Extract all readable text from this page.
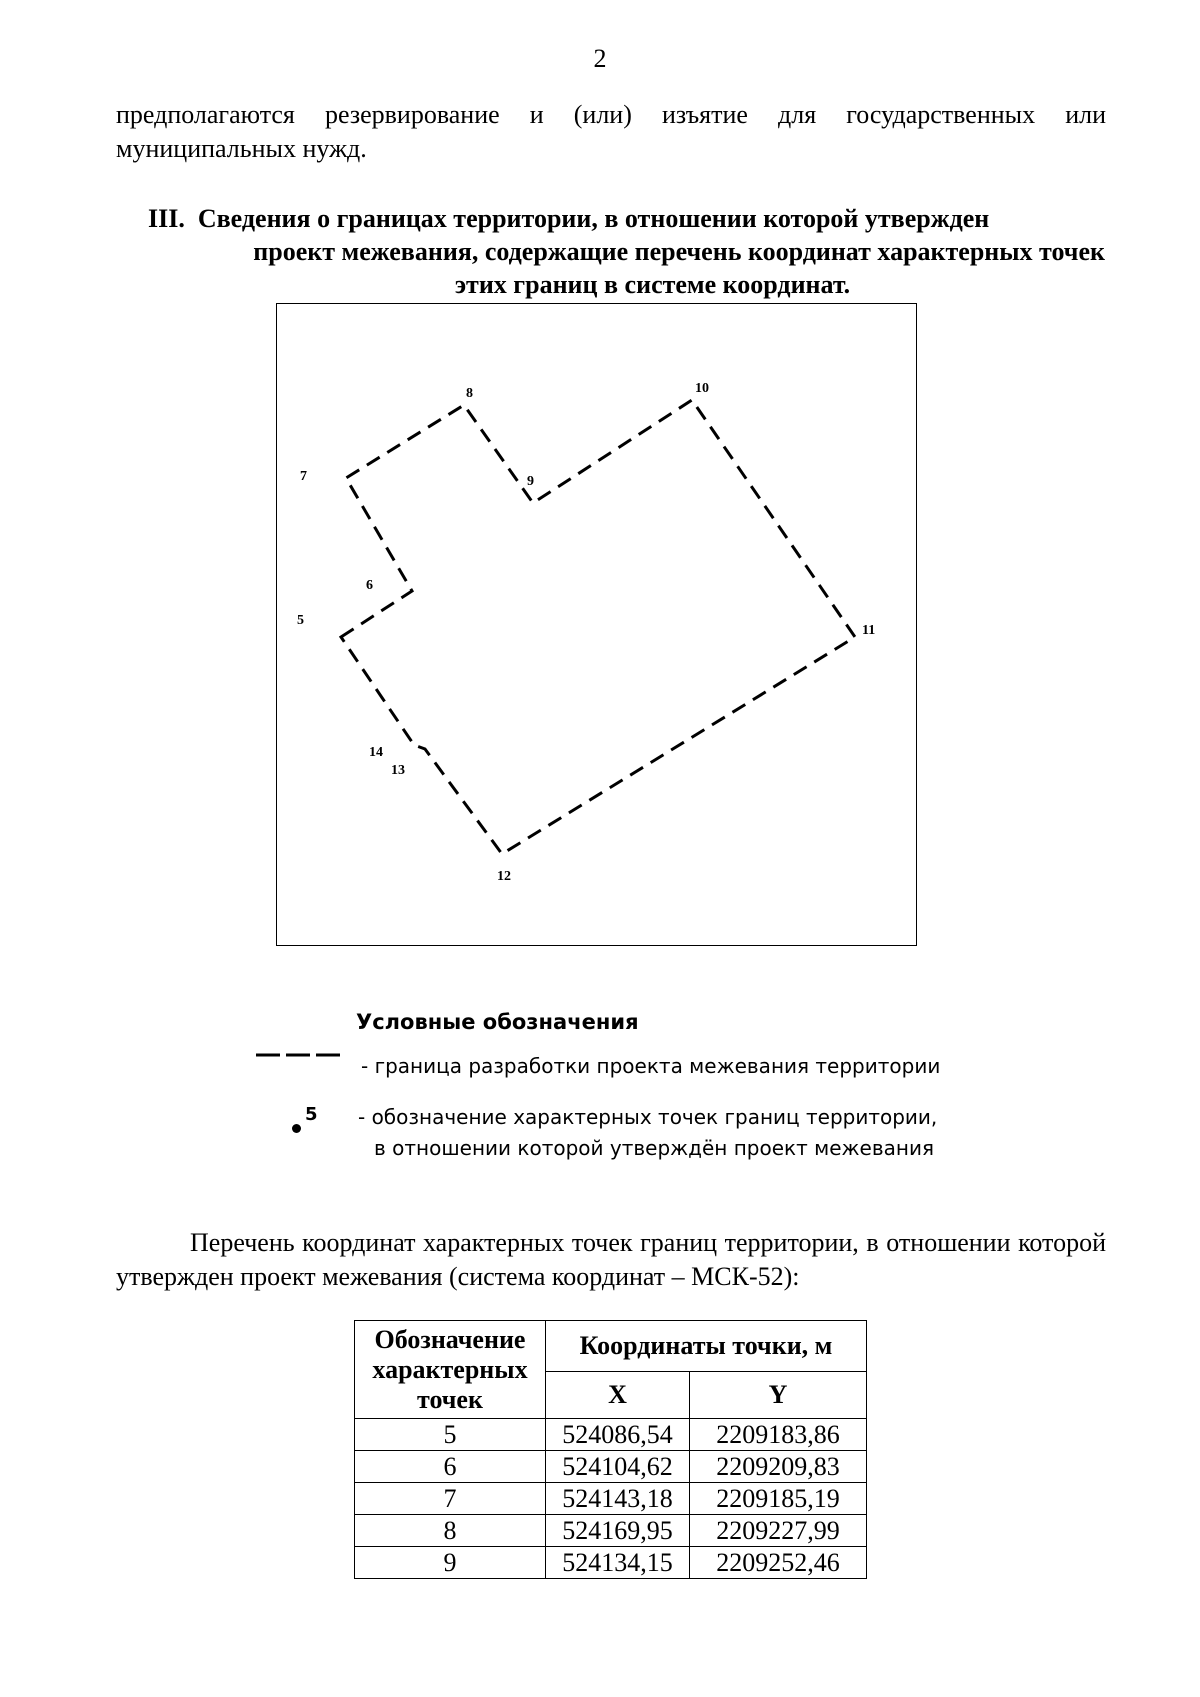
2
предполагаются резервирование и (или) изъятие для государственных или муниципальных нужд.
III. Сведения о границах территории, в отношении которой утвержден
проект межевания, содержащие перечень координат характерных точек
этих границ в системе координат.
5
6
7
8
9
10
11
12
13
14
Условные обозначения
- граница разработки проекта межевания территории
5 - обозначение характерных точек границ территории,
в отношении которой утверждён проект межевания
Перечень координат характерных точек границ территории, в отношении которой утвержден проект межевания (система координат – МСК-52):
Обозначение характерных точек	Координаты точки, м	
	X	Y
5	524086,54	2209183,86
6	524104,62	2209209,83
7	524143,18	2209185,19
8	524169,95	2209227,99
9	524134,15	2209252,46
